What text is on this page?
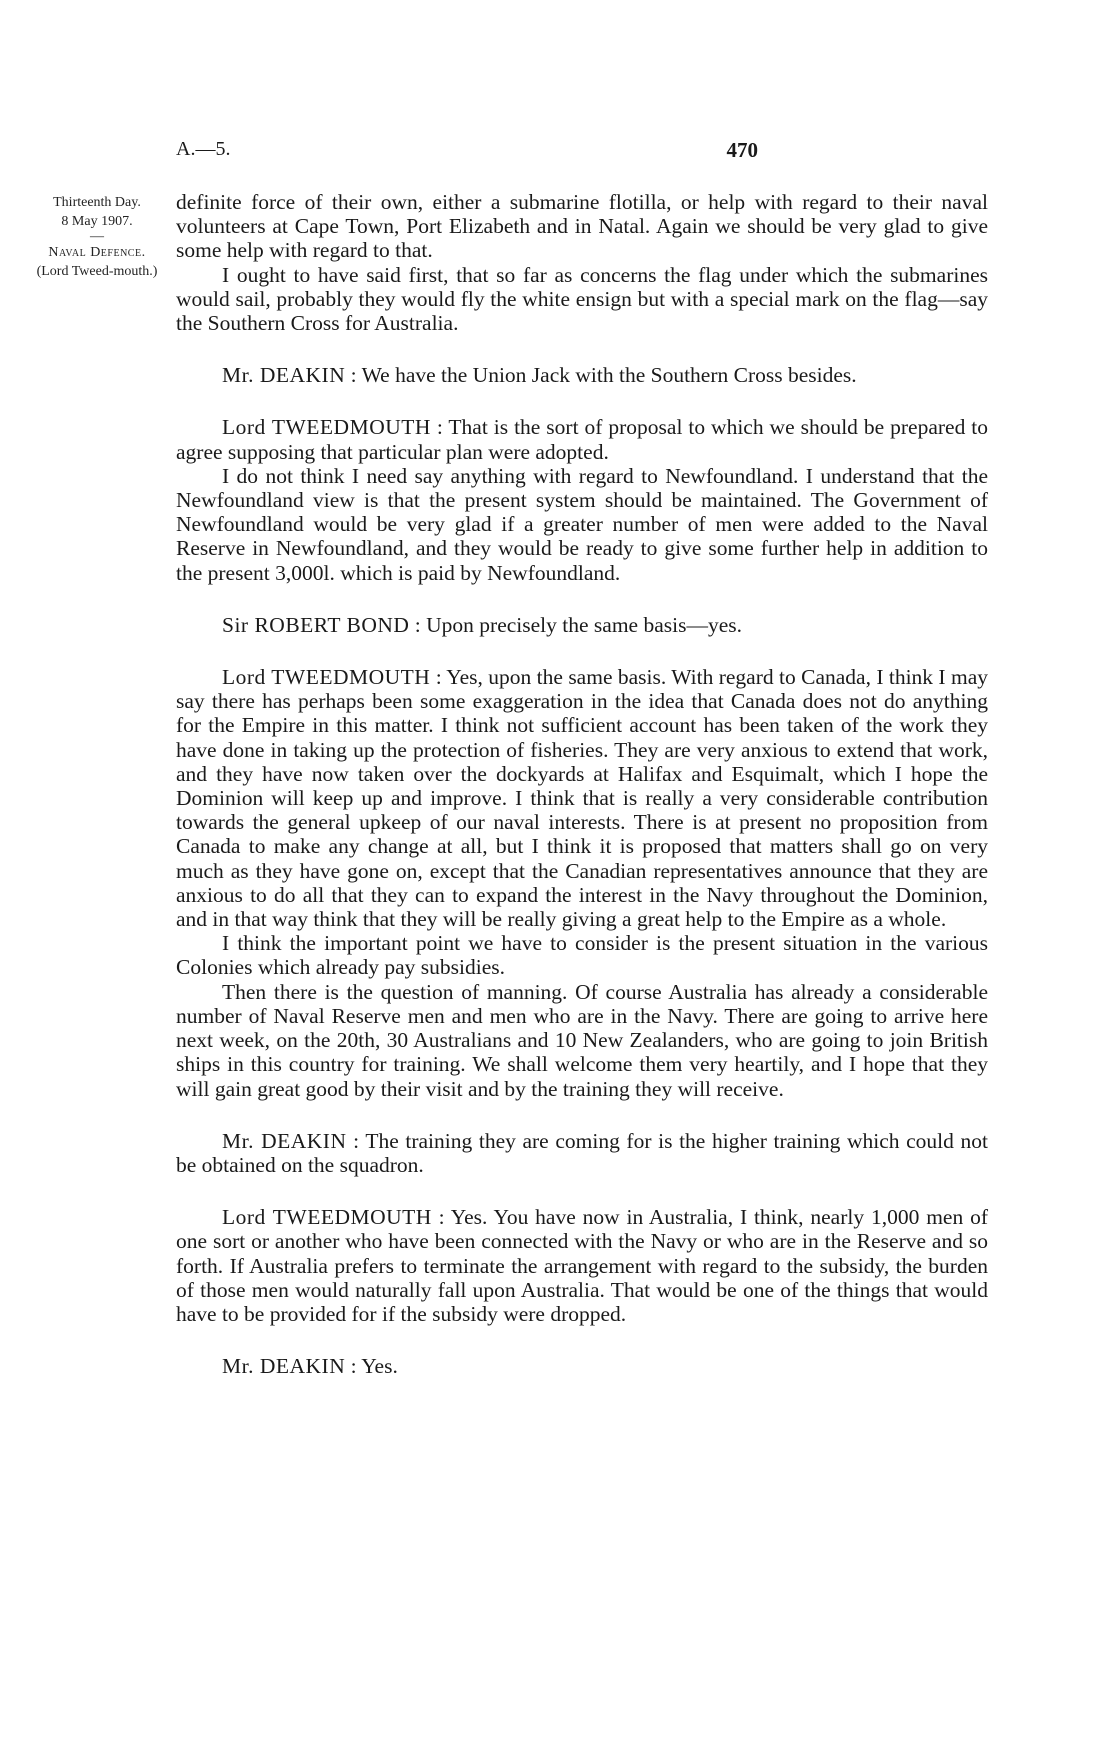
A.—5.	470
Thirteenth Day.
8 May 1907.
—
Naval Defence.
(Lord Tweed-mouth.)

definite force of their own, either a submarine flotilla, or help with regard to their naval volunteers at Cape Town, Port Elizabeth and in Natal. Again we should be very glad to give some help with regard to that.

I ought to have said first, that so far as concerns the flag under which the submarines would sail, probably they would fly the white ensign but with a special mark on the flag—say the Southern Cross for Australia.

Mr. DEAKIN : We have the Union Jack with the Southern Cross besides.

Lord TWEEDMOUTH : That is the sort of proposal to which we should be prepared to agree supposing that particular plan were adopted.

I do not think I need say anything with regard to Newfoundland. I understand that the Newfoundland view is that the present system should be maintained. The Government of Newfoundland would be very glad if a greater number of men were added to the Naval Reserve in Newfoundland, and they would be ready to give some further help in addition to the present 3,000l. which is paid by Newfoundland.

Sir ROBERT BOND : Upon precisely the same basis—yes.

Lord TWEEDMOUTH : Yes, upon the same basis. With regard to Canada, I think I may say there has perhaps been some exaggeration in the idea that Canada does not do anything for the Empire in this matter. I think not sufficient account has been taken of the work they have done in taking up the protection of fisheries. They are very anxious to extend that work, and they have now taken over the dockyards at Halifax and Esquimalt, which I hope the Dominion will keep up and improve. I think that is really a very considerable contribution towards the general upkeep of our naval interests. There is at present no proposition from Canada to make any change at all, but I think it is proposed that matters shall go on very much as they have gone on, except that the Canadian representatives announce that they are anxious to do all that they can to expand the interest in the Navy throughout the Dominion, and in that way think that they will be really giving a great help to the Empire as a whole.

I think the important point we have to consider is the present situation in the various Colonies which already pay subsidies.

Then there is the question of manning. Of course Australia has already a considerable number of Naval Reserve men and men who are in the Navy. There are going to arrive here next week, on the 20th, 30 Australians and 10 New Zealanders, who are going to join British ships in this country for training. We shall welcome them very heartily, and I hope that they will gain great good by their visit and by the training they will receive.

Mr. DEAKIN : The training they are coming for is the higher training which could not be obtained on the squadron.

Lord TWEEDMOUTH : Yes. You have now in Australia, I think, nearly 1,000 men of one sort or another who have been connected with the Navy or who are in the Reserve and so forth. If Australia prefers to terminate the arrangement with regard to the subsidy, the burden of those men would naturally fall upon Australia. That would be one of the things that would have to be provided for if the subsidy were dropped.

Mr. DEAKIN : Yes.
